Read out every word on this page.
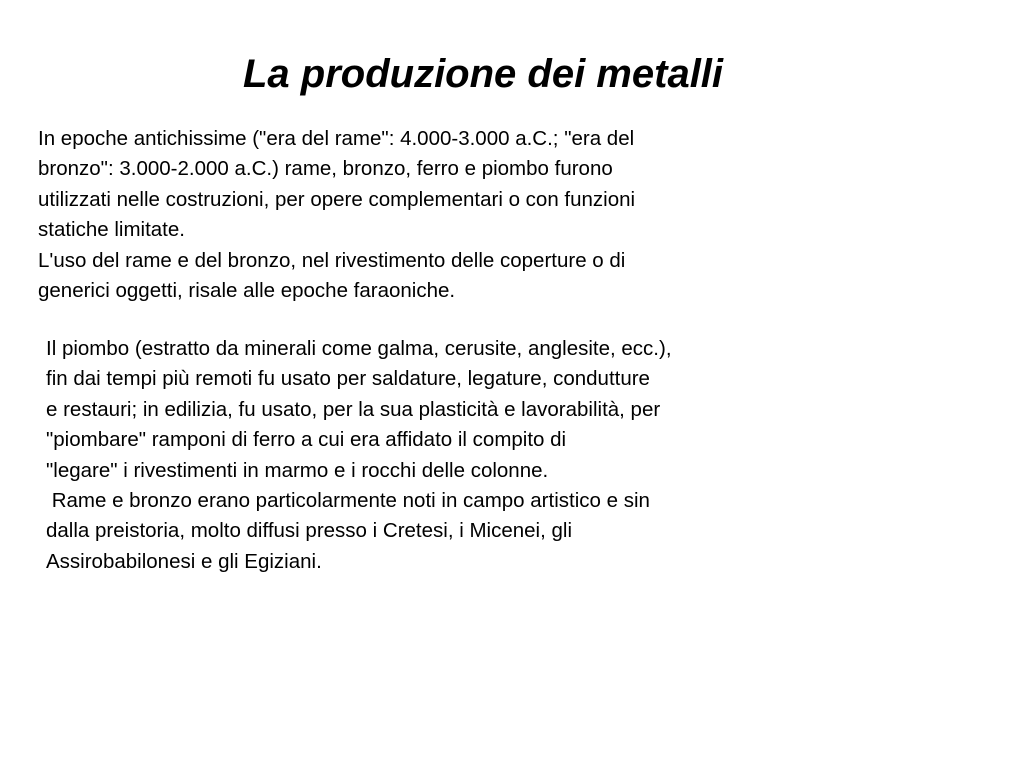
La produzione dei metalli

In epoche antichissime ("era del rame": 4.000-3.000 a.C.; "era del

bronzo": 3.000-2.000 a.C.) rame, bronzo, ferro e piombo furono

utilizzati nelle costruzioni, per opere complementari o con funzioni

statiche limitate.

L'uso del rame e del bronzo, nel rivestimento delle coperture o di

generici oggetti, risale alle epoche faraoniche.

Il piombo (estratto da minerali come galma, cerusite, anglesite, ecc.),

fin dai tempi più remoti fu usato per saldature, legature, condutture

e restauri; in edilizia, fu usato, per la sua plasticità e lavorabilità, per

"piombare" ramponi di ferro a cui era affidato il compito di

"legare" i rivestimenti in marmo e i rocchi delle colonne.

Rame e bronzo erano particolarmente noti in campo artistico e sin

dalla preistoria, molto diffusi presso i Cretesi, i Micenei, gli

Assirobabilonesi e gli Egiziani.
